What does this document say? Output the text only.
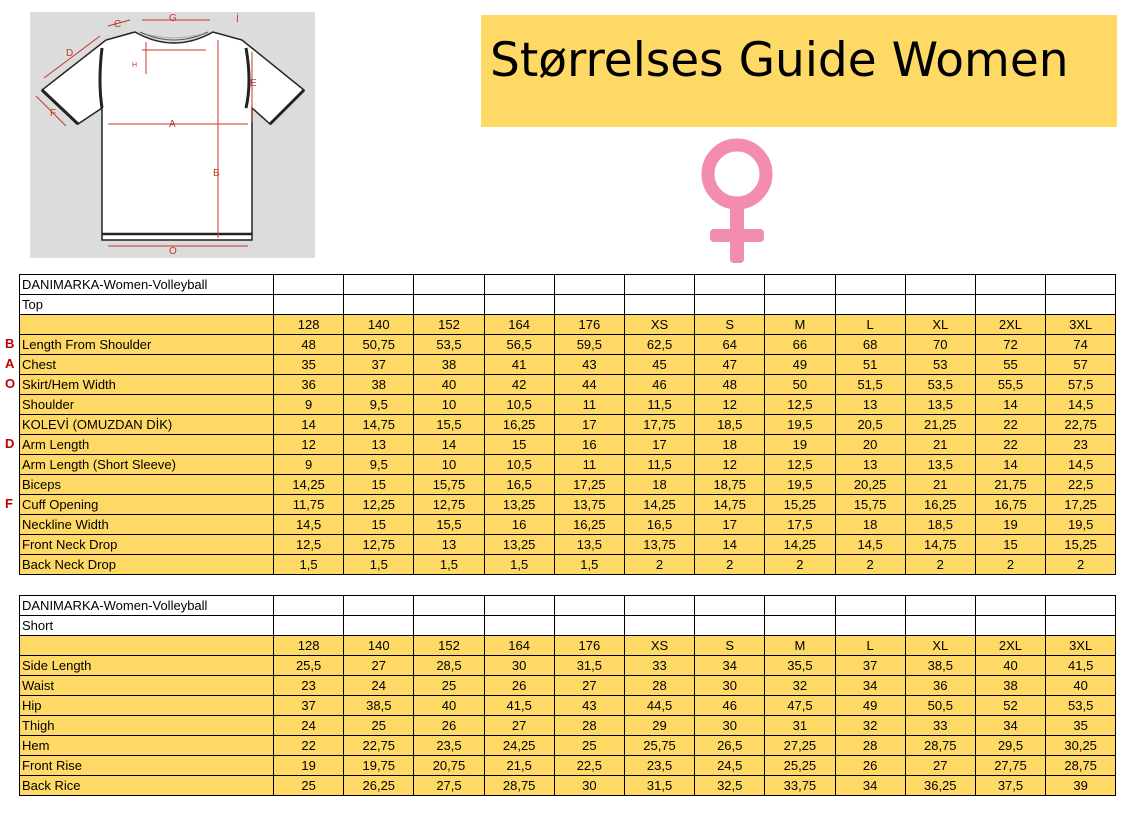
A
B
C
D
E
F
G
H
İ
O
Størrelses Guide Women
DANIMARKA-Women-Volleyball												
Top												
	128	140	152	164	176	XS	S	M	L	XL	2XL	3XL
Length From Shoulder	48	50,75	53,5	56,5	59,5	62,5	64	66	68	70	72	74
Chest	35	37	38	41	43	45	47	49	51	53	55	57
Skirt/Hem Width	36	38	40	42	44	46	48	50	51,5	53,5	55,5	57,5
Shoulder	9	9,5	10	10,5	11	11,5	12	12,5	13	13,5	14	14,5
KOLEVİ (OMUZDAN DİK)	14	14,75	15,5	16,25	17	17,75	18,5	19,5	20,5	21,25	22	22,75
Arm Length	12	13	14	15	16	17	18	19	20	21	22	23
Arm Length (Short Sleeve)	9	9,5	10	10,5	11	11,5	12	12,5	13	13,5	14	14,5
Biceps	14,25	15	15,75	16,5	17,25	18	18,75	19,5	20,25	21	21,75	22,5
Cuff Opening	11,75	12,25	12,75	13,25	13,75	14,25	14,75	15,25	15,75	16,25	16,75	17,25
Neckline Width	14,5	15	15,5	16	16,25	16,5	17	17,5	18	18,5	19	19,5
Front Neck Drop	12,5	12,75	13	13,25	13,5	13,75	14	14,25	14,5	14,75	15	15,25
Back Neck Drop	1,5	1,5	1,5	1,5	1,5	2	2	2	2	2	2	2
DANIMARKA-Women-Volleyball												
Short												
	128	140	152	164	176	XS	S	M	L	XL	2XL	3XL
Side Length	25,5	27	28,5	30	31,5	33	34	35,5	37	38,5	40	41,5
Waist	23	24	25	26	27	28	30	32	34	36	38	40
Hip	37	38,5	40	41,5	43	44,5	46	47,5	49	50,5	52	53,5
Thigh	24	25	26	27	28	29	30	31	32	33	34	35
Hem	22	22,75	23,5	24,25	25	25,75	26,5	27,25	28	28,75	29,5	30,25
Front Rise	19	19,75	20,75	21,5	22,5	23,5	24,5	25,25	26	27	27,75	28,75
Back Rice	25	26,25	27,5	28,75	30	31,5	32,5	33,75	34	36,25	37,5	39
B
A
O
D
F
